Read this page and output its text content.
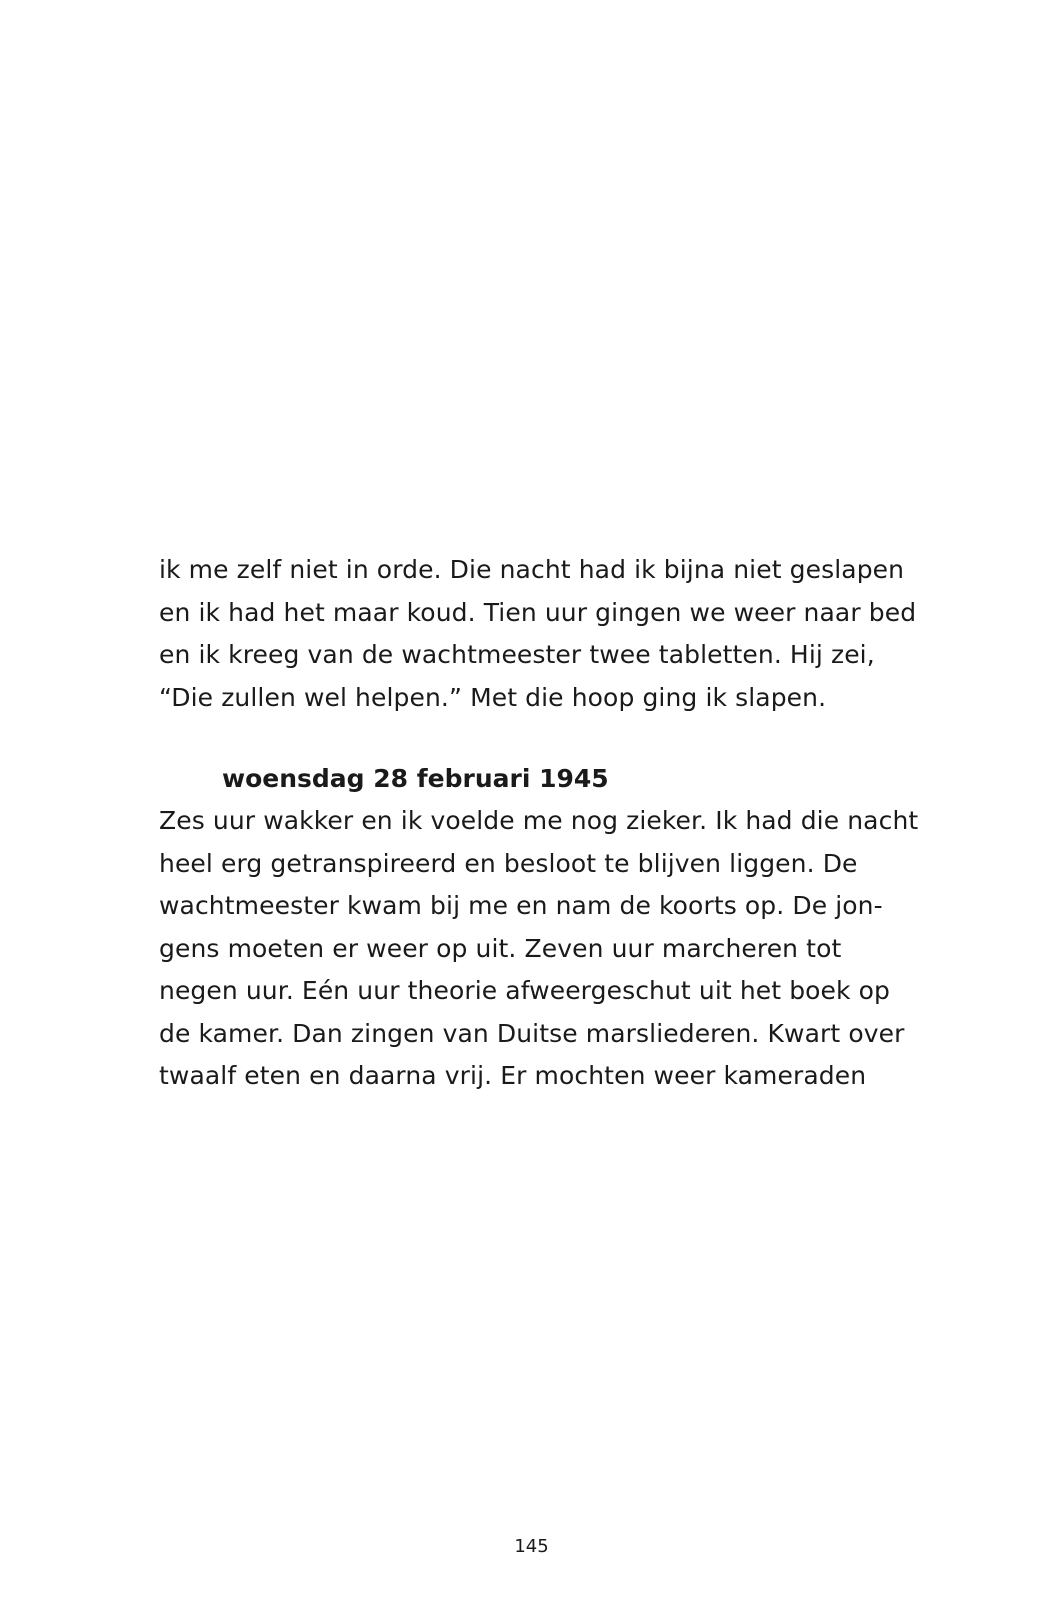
ik me zelf niet in orde. Die nacht had ik bijna niet geslapen
en ik had het maar koud. Tien uur gingen we weer naar bed
en ik kreeg van de wachtmeester twee tabletten. Hij zei,
“Die zullen wel helpen.” Met die hoop ging ik slapen.
woensdag 28 februari 1945
Zes uur wakker en ik voelde me nog zieker. Ik had die nacht
heel erg getranspireerd en besloot te blijven liggen. De
wachtmeester kwam bij me en nam de koorts op. De jon-
gens moeten er weer op uit. Zeven uur marcheren tot
negen uur. Eén uur theorie afweergeschut uit het boek op
de kamer. Dan zingen van Duitse marsliederen. Kwart over
twaalf eten en daarna vrij. Er mochten weer kameraden
145
